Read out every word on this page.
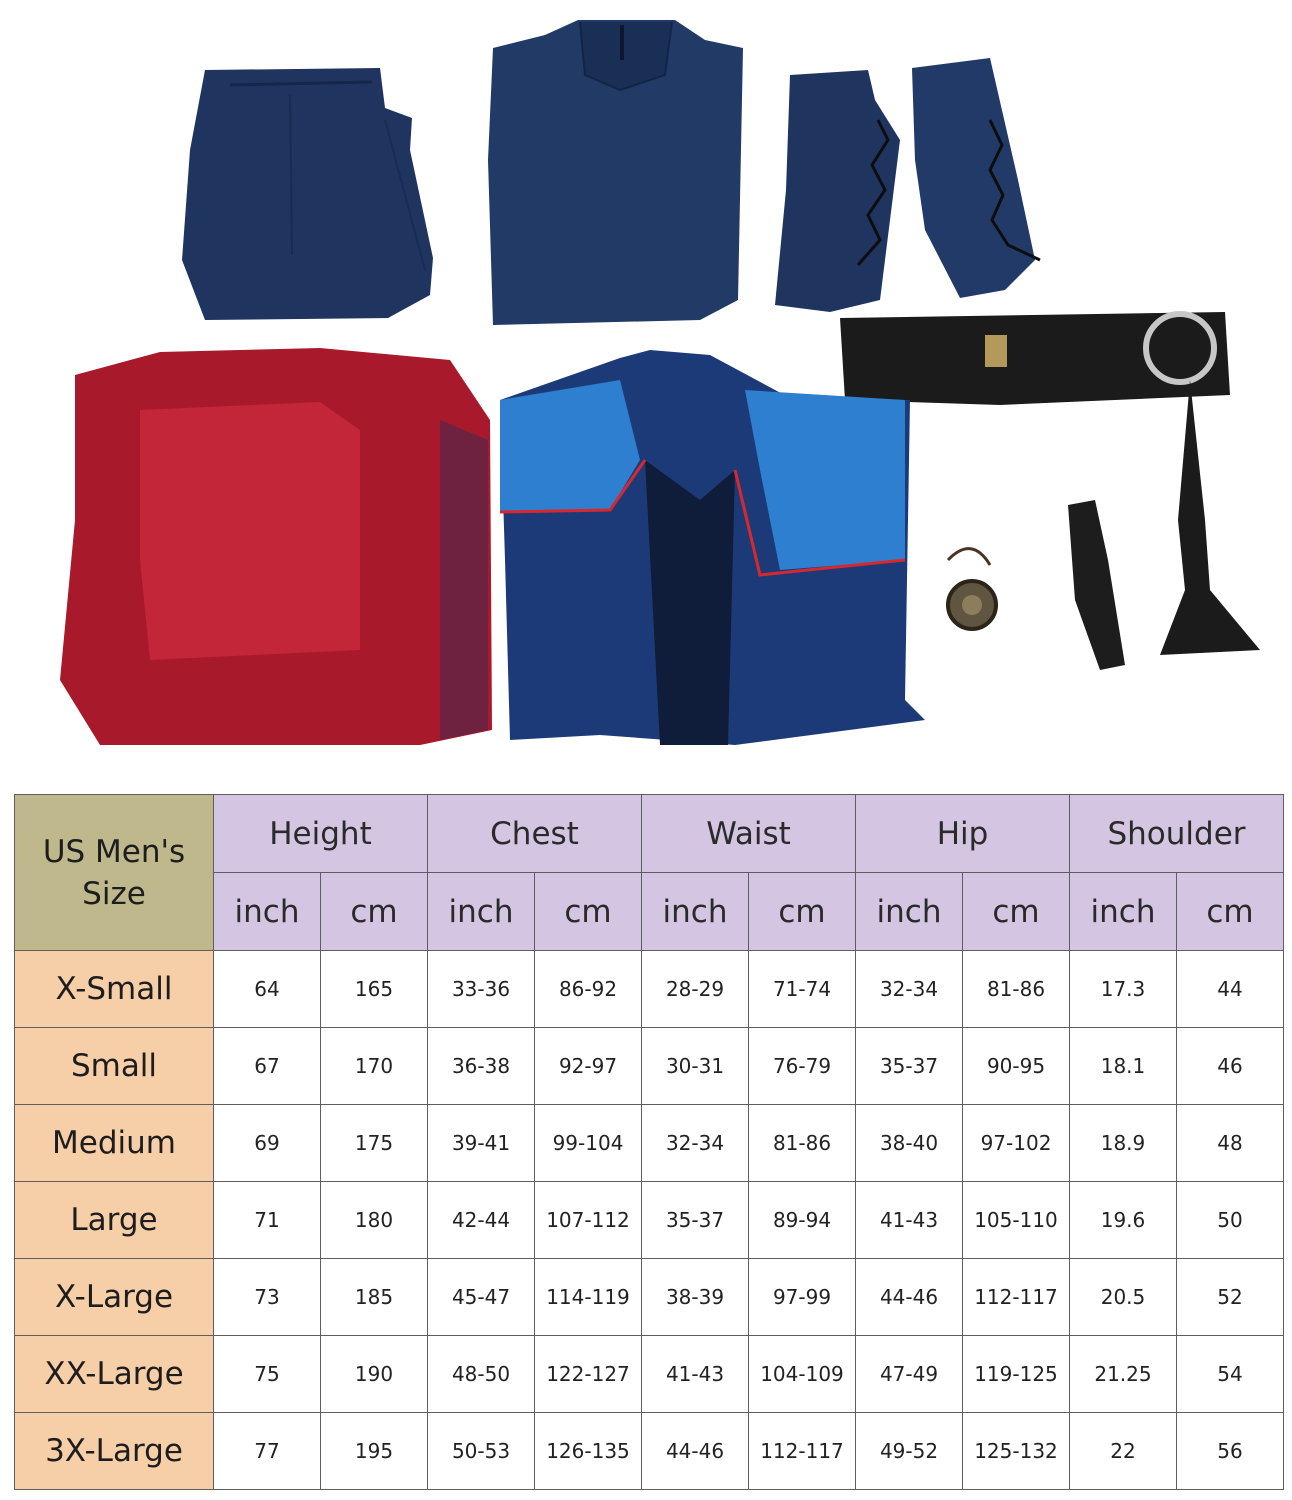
US Men's
Size	Height		Chest		Waist		Hip		Shoulder	
	inch	cm	inch	cm	inch	cm	inch	cm	inch	cm
X-Small	64	165	33-36	86-92	28-29	71-74	32-34	81-86	17.3	44
Small	67	170	36-38	92-97	30-31	76-79	35-37	90-95	18.1	46
Medium	69	175	39-41	99-104	32-34	81-86	38-40	97-102	18.9	48
Large	71	180	42-44	107-112	35-37	89-94	41-43	105-110	19.6	50
X-Large	73	185	45-47	114-119	38-39	97-99	44-46	112-117	20.5	52
XX-Large	75	190	48-50	122-127	41-43	104-109	47-49	119-125	21.25	54
3X-Large	77	195	50-53	126-135	44-46	112-117	49-52	125-132	22	56
